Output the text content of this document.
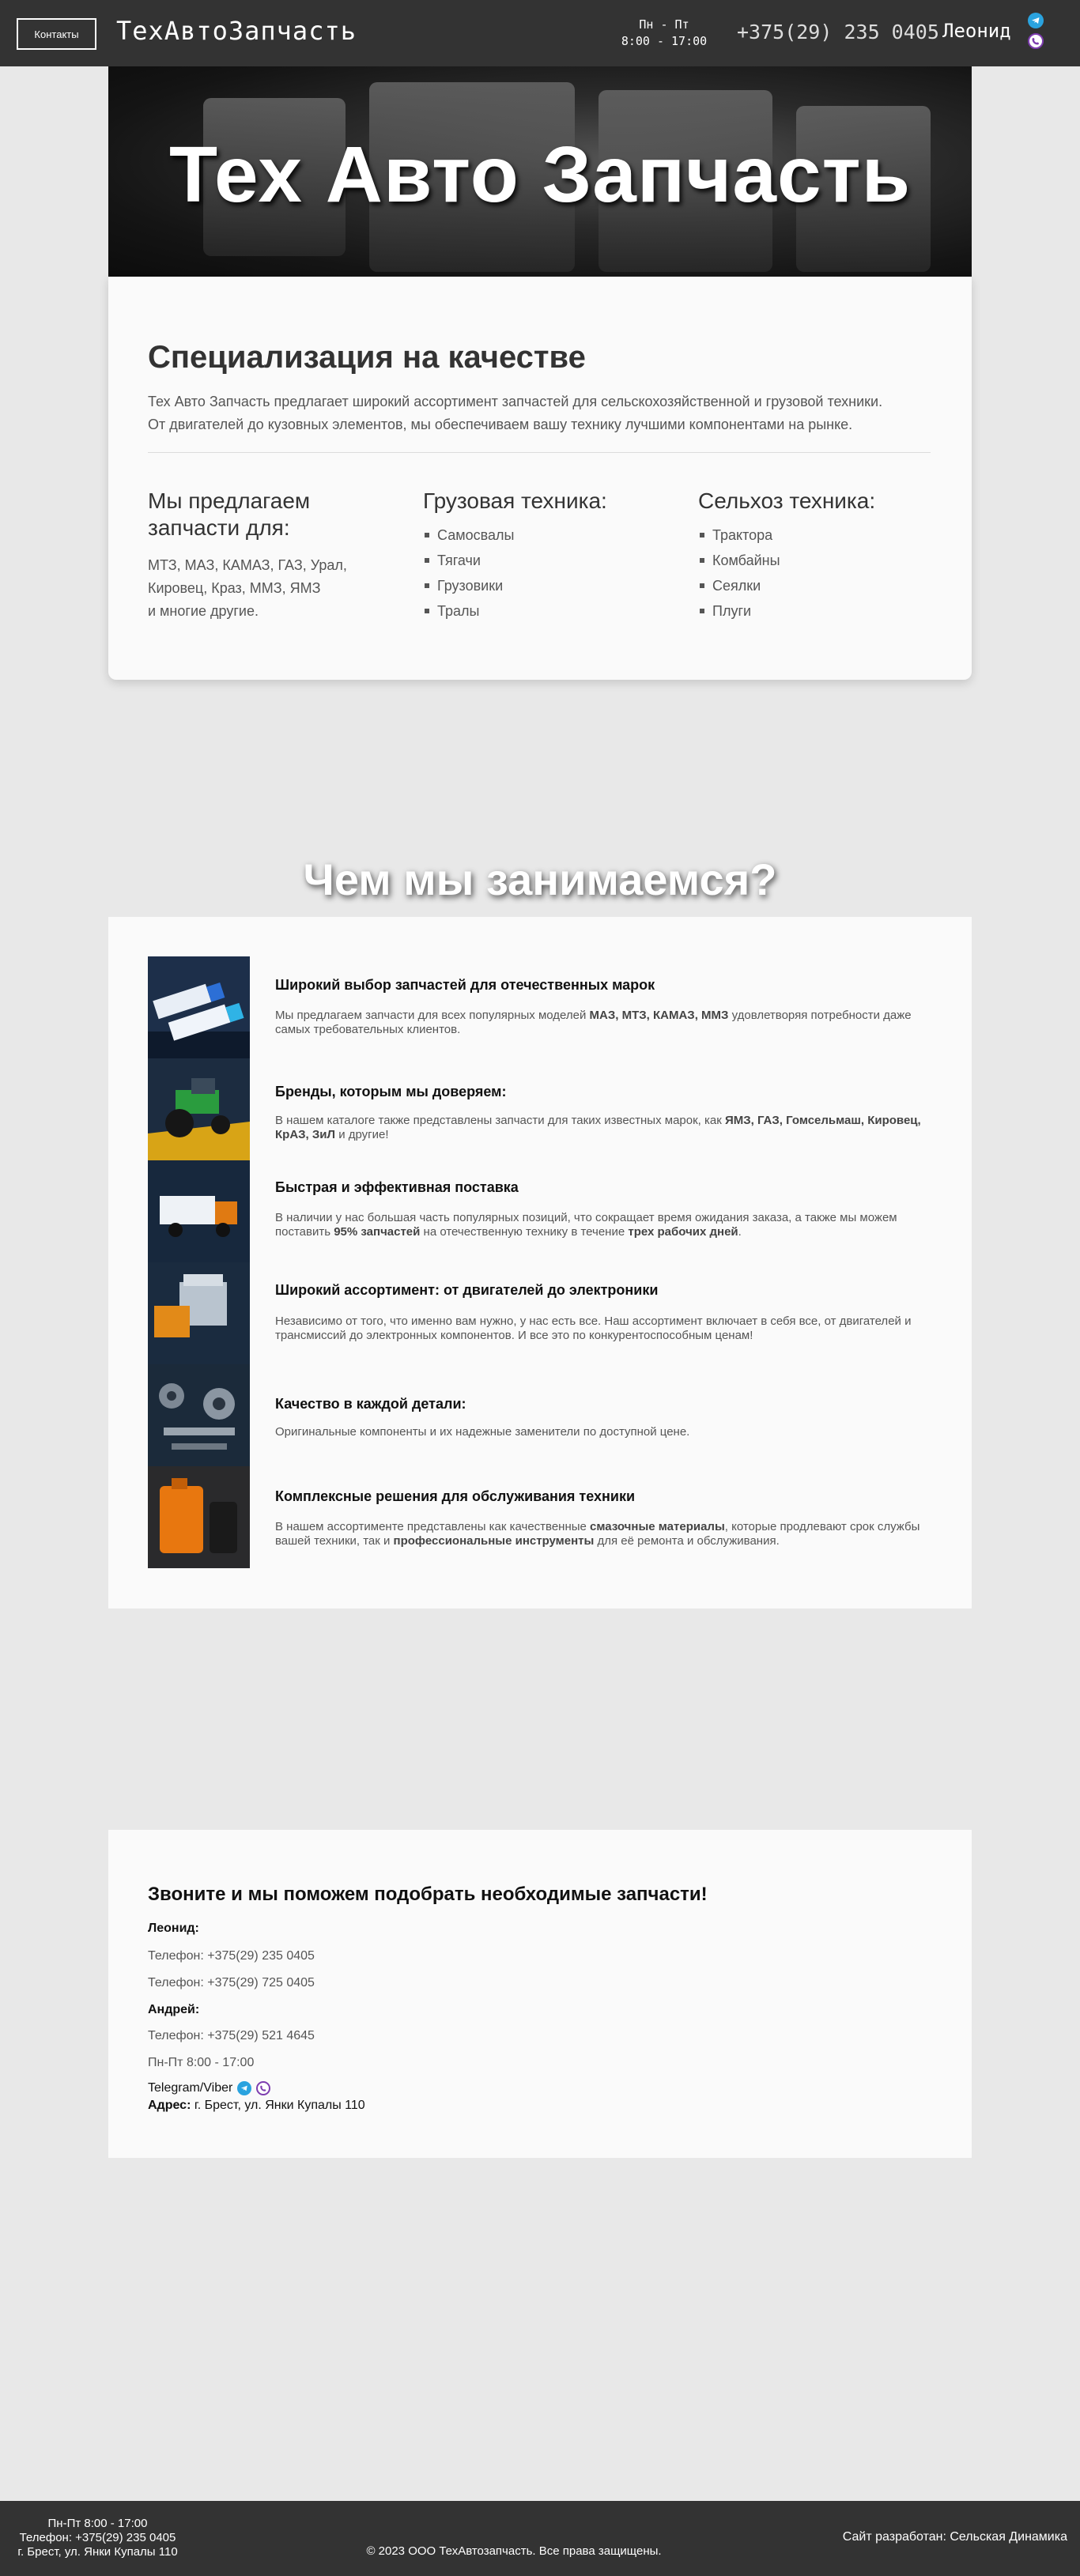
Контакты	ТехАвтоЗапчасть	Пн - Пт
8:00 - 17:00	+375(29) 235 0405 Леонид
Тех Авто Запчасть
Специализация на качестве
Тех Авто Запчасть предлагает широкий ассортимент запчастей для сельскохозяйственной и грузовой техники.
От двигателей до кузовных элементов, мы обеспечиваем вашу технику лучшими компонентами на рынке.
Мы предлагаем запчасти для:

МТЗ, МАЗ, КАМАЗ, ГАЗ, Урал,
Кировец, Краз, ММЗ, ЯМЗ
и многие другие.

Грузовая техника:
Самосвалы
Тягачи
Грузовики
Тралы
Сельхоз техника:
Трактора
Комбайны
Сеялки
Плуги
Чем мы занимаемся?
Широкий выбор запчастей для отечественных марок
Мы предлагаем запчасти для всех популярных моделей МАЗ, МТЗ, КАМАЗ, ММЗ удовлетворяя потребности даже самых требовательных клиентов.
Бренды, которым мы доверяем:
В нашем каталоге также представлены запчасти для таких известных марок, как ЯМЗ, ГАЗ, Гомсельмаш, Кировец, КрАЗ, ЗиЛ и другие!
Быстрая и эффективная поставка
В наличии у нас большая часть популярных позиций, что сокращает время ожидания заказа, а также мы можем поставить 95% запчастей на отечественную технику в течение трех рабочих дней.
Широкий ассортимент: от двигателей до электроники
Независимо от того, что именно вам нужно, у нас есть все. Наш ассортимент включает в себя все, от двигателей и трансмиссий до электронных компонентов. И все это по конкурентоспособным ценам!
Качество в каждой детали:
Оригинальные компоненты и их надежные заменители по доступной цене.
Комплексные решения для обслуживания техники
В нашем ассортименте представлены как качественные смазочные материалы, которые продлевают срок службы вашей техники, так и профессиональные инструменты для её ремонта и обслуживания.
Звоните и мы поможем подобрать необходимые запчасти!
Леонид:
Телефон: +375(29) 235 0405
Телефон: +375(29) 725 0405
Андрей:
Телефон: +375(29) 521 4645
Пн-Пт 8:00 - 17:00
Telegram/Viber
Адрес: г. Брест, ул. Янки Купалы 110
Пн-Пт 8:00 - 17:00
Телефон: +375(29) 235 0405
г. Брест, ул. Янки Купалы 110	© 2023 ООО ТехАвтозапчасть. Все права защищены.
Сайт разработан: Сельская Динамика
